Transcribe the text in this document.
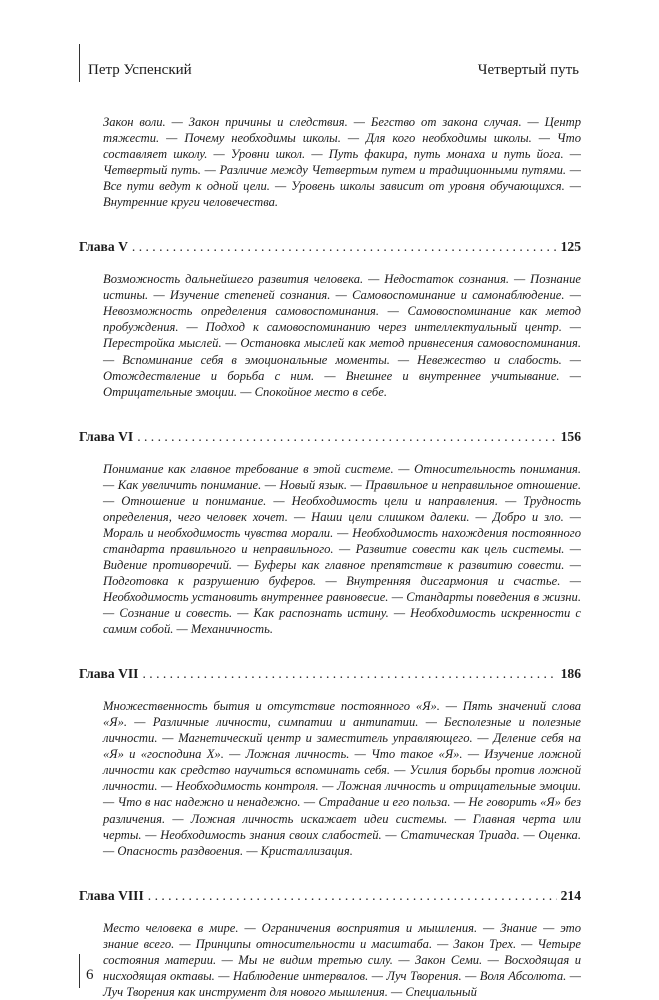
Петр Успенский	Четвертый путь

Закон воли. — Закон причины и следствия. — Бегство от закона случая. — Центр тяжести. — Почему необходимы школы. — Для кого необходимы школы. — Что составляет школу. — Уровни школ. — Путь факира, путь монаха и путь йога. — Четвертый путь. — Различие между Четвертым путем и традиционными путями. — Все пути ведут к одной цели. — Уровень школы зависит от уровня обучающихся. — Внутренние круги человечества.

Глава V . . .	125

Возможность дальнейшего развития человека. — Недостаток сознания. — Познание истины. — Изучение степеней сознания. — Самовоспоминание и самонаблюдение. — Невозможность определения самовоспоминания. — Самовоспоминание как метод пробуждения. — Подход к самовоспоминанию через интеллектуальный центр. — Перестройка мыслей. — Остановка мыслей как метод привнесения самовоспоминания. — Вспоминание себя в эмоциональные моменты. — Невежество и слабость. — Отождествление и борьба с ним. — Внешнее и внутреннее учитывание. — Отрицательные эмоции. — Спокойное место в себе.

Глава VI . . .	156

Понимание как главное требование в этой системе. — Относительность понимания. — Как увеличить понимание. — Новый язык. — Правильное и неправильное отношение. — Отношение и понимание. — Необходимость цели и направления. — Трудность определения, чего человек хочет. — Наши цели слишком далеки. — Добро и зло. — Мораль и необходимость чувства морали. — Необходимость нахождения постоянного стандарта правильного и неправильного. — Развитие совести как цель системы. — Видение противоречий. — Буферы как главное препятствие к развитию совести. — Подготовка к разрушению буферов. — Внутренняя дисгармония и счастье. — Необходимость установить внутреннее равновесие. — Стандарты поведения в жизни. — Сознание и совесть. — Как распознать истину. — Необходимость искренности с самим собой. — Механичность.

Глава VII . . .	186

Множественность бытия и отсутствие постоянного «Я». — Пять значений слова «Я». — Различные личности, симпатии и антипатии. — Бесполезные и полезные личности. — Магнетический центр и заместитель управляющего. — Деление себя на «Я» и «господина Х». — Ложная личность. — Что такое «Я». — Изучение ложной личности как средство научиться вспоминать себя. — Усилия борьбы против ложной личности. — Необходимость контроля. — Ложная личность и отрицательные эмоции. — Что в нас надежно и ненадежно. — Страдание и его польза. — Не говорить «Я» без различения. — Ложная личность искажает идеи системы. — Главная черта или черты. — Необходимость знания своих слабостей. — Статическая Триада. — Оценка. — Опасность раздвоения. — Кристаллизация.

Глава VIII . . .	214

Место человека в мире. — Ограничения восприятия и мышления. — Знание — это знание всего. — Принципы относительности и масштаба. — Закон Трех. — Четыре состояния материи. — Мы не видим третью силу. — Закон Семи. — Восходящая и нисходящая октавы. — Наблюдение интервалов. — Луч Творения. — Воля Абсолюта. — Луч Творения как инструмент для нового мышления. — Специальный

6
